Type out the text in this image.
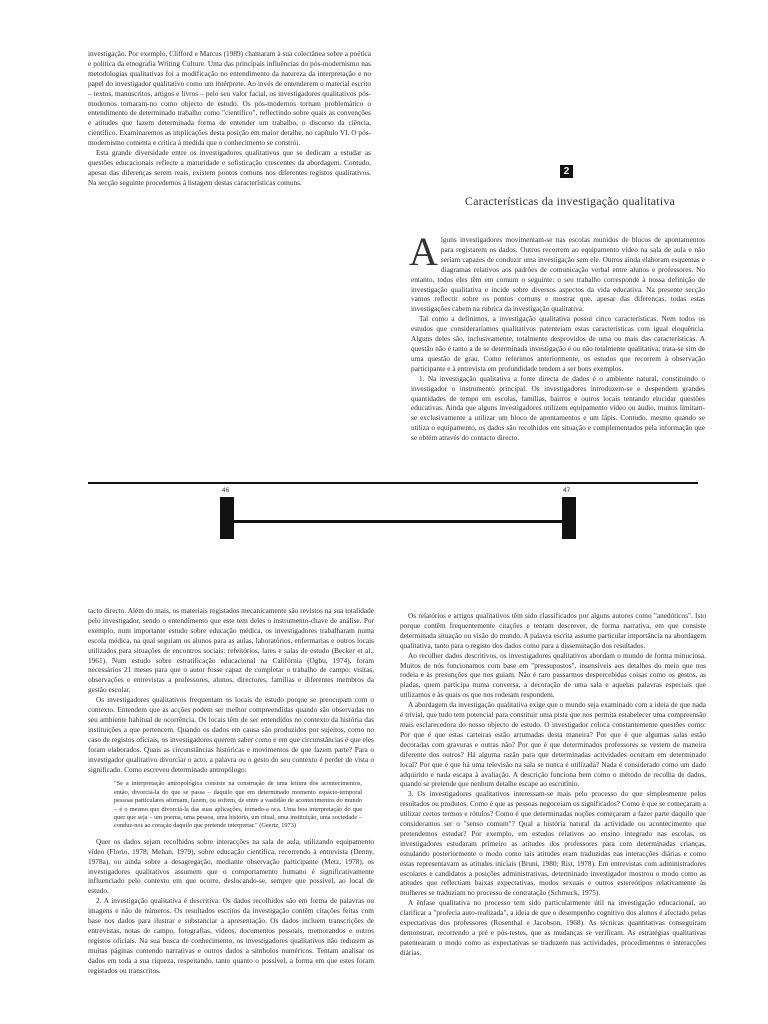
investigação. Por exemplo, Clifford e Marcus (1989) chamaram à sua colectânea sobre a poética e política da etnografia Writing Culture. Uma das principais influências do pós-modernismo nas metodologias qualitativas foi a modificação no entendimento da natureza da interpretação e no papel do investigador qualitativo como um intérprete. Ao invés de entenderem o material escrito – textos, manuscritos, artigos e livros – pelo seu valor facial, os investigadores qualitativos pós-modernos tornaram-no como objecto de estudo. Os pós-modernos tornam problemático o entendimento de determinado trabalho como "científico", reflectindo sobre quais as convenções e atitudes que fazem determinada forma de entender um trabalho, o discurso da ciência, científico. Examinaremos as implicações desta posição em maior detalhe, no capítulo VI. O pós-modernismo comenta e critica à medida que o conhecimento se constrói.

Esta grande diversidade entre os investigadores qualitativos que se dedicam a estudar as questões educacionais reflecte a maturidade e sofisticação crescentes da abordagem. Contudo, apesar das diferenças serem reais, existem pontos comuns nos diferentes registos qualitativos. Na secção seguinte procedemos à listagem destas características comuns.

2
Características da investigação qualitativa

Alguns investigadores movimentam-se nas escolas munidos de blocos de apontamentos para registarem os dados. Outros recorrem ao equipamento vídeo na sala de aula e não seriam capazes de conduzir uma investigação sem ele. Outros ainda elaboram esquemas e diagramas relativos aos padrões de comunicação verbal entre alunos e professores. No entanto, todos eles têm em comum o seguinte: o seu trabalho corresponde à nossa definição de investigação qualitativa e incide sobre diversos aspectos da vida educativa. Na presente secção vamos reflectir sobre os pontos comuns e mostrar que, apesar das diferenças, todas estas investigações cabem na rubrica da investigação qualitativa.

Tal como a definimos, a investigação qualitativa possui cinco características. Nem todos os estudos que consideraríamos qualitativos patenteiam estas características com igual eloquência. Alguns deles são, inclusivamente, totalmente desprovidos de uma ou mais das características. A questão não é tanto a de se determinada investigação é ou não totalmente qualitativa; trata-se sim de uma questão de grau. Como referimos anteriormente, os estudos que recorrem à observação participante e à entrevista em profundidade tendem a ser bons exemplos.

1. Na investigação qualitativa a fonte directa de dados é o ambiente natural, constituindo o investigador o instrumento principal. Os investigadores introduzem-se e despendem grandes quantidades de tempo em escolas, famílias, bairros e outros locais tentando elucidar questões educativas. Ainda que alguns investigadores utilizem equipamento vídeo ou áudio, muitos limitam-se exclusivamente a utilizar um bloco de apontamentos e um lápis. Contudo, mesmo quando se utiliza o equipamento, os dados são recolhidos em situação e complementados pela informação que se obtém através do contacto directo.

46	47

tacto directo. Além do mais, os materiais registados mecanicamente são revistos na sua totalidade pelo investigador, sendo o entendimento que este tem deles o instrumento-chave de análise. Por exemplo, num importante estudo sobre educação médica, os investigadores trabalharam numa escola médica, na qual seguiam os alunos para as aulas, laboratórios, enfermarias e outros locais utilizados para situações de encontros sociais: refeitórios, lares e salas de estudo (Becker et al., 1961). Num estudo sobre estratificação educacional na Califórnia (Ogbu, 1974), foram necessários 21 meses para que o autor fosse capaz de completar o trabalho de campo: visitas, observações e entrevistas a professores, alunos, directores, famílias e diferentes membros da gestão escolar.

Os investigadores qualitativos frequentam os locais de estudo porque se preocupam com o contexto. Entendem que as acções podem ser melhor compreendidas quando são observadas no seu ambiente habitual de ocorrência. Os locais têm de ser entendidos no contexto da história das instituições a que pertencem. Quando os dados em causa são produzidos por sujeitos, como no caso de registos oficiais, os investigadores querem saber como e em que circunstâncias é que eles foram elaborados. Quais as circunstâncias históricas e movimentos de que fazem parte? Para o investigador qualitativo divorciar o acto, a palavra ou o gesto do seu contexto é perder de vista o significado. Como escreveu determinado antropólogo:

"Se a interpretação antropológica consiste na construção de uma leitura dos acontecimentos, então, divorciá-la do que se passa – daquilo que em determinado momento espácio-temporal pessoas particulares afirmam, fazem, ou sofrem, de entre a vastidão de acontecimentos do mundo – é o mesmo que divorciá-la das suas aplicações, tornado-a oca. Uma boa interpretação do que quer que seja – um poema, uma pessoa, uma história, um ritual, uma instituição, uma sociedade – conduz-nos ao coração daquilo que pretende interpretar." (Geertz, 1973)

Quer os dados sejam recolhidos sobre interacções na sala de aula, utilizando equipamento vídeo (Florio, 1978; Mehan, 1979), sobre educação científica, recorrendo à entrevista (Denny, 1978a), ou ainda sobre a desagregação, mediante observação participante (Metz, 1978), os investigadores qualitativos assumem que o comportamento humano é significativamente influenciado pelo contexto em que ocorre, deslocando-se, sempre que possível, ao local de estudo.

2. A investigação qualitativa é descritiva. Os dados recolhidos são em forma de palavras ou imagens e não de números. Os resultados escritos da investigação contêm citações feitas com base nos dados para ilustrar e substanciar a apresentação. Os dados incluem transcrições de entrevistas, notas de campo, fotografias, vídeos, documentos pessoais, memorandos e outros registos oficiais. Na sua busca de conhecimento, os investigadores qualitativos não reduzem as muitas páginas contendo narrativas e outros dados a símbolos numéricos. Tentam analisar os dados em toda a sua riqueza, respeitando, tanto quanto o possível, a forma em que estes foram registados ou transcritos.

Os relatórios e artigos qualitativos têm sido classificados por alguns autores como "anedóticos". Isto porque contêm frequentemente citações e tentam descrever, de forma narrativa, em que consiste determinada situação ou visão do mundo. A palavra escrita assume particular importância na abordagem qualitativa, tanto para o registo dos dados como para a disseminação dos resultados.

Ao recolher dados descritivos, os investigadores qualitativos abordam o mundo de forma minuciosa. Muitos de nós funcionamos com base em "pressupostos", insensíveis aos detalhes do meio que nos rodeia e às presunções que nos guiam. Não é raro passarmos despercebidas coisas como os gestos, as piadas, quem participa numa conversa, a decoração de uma sala e aquelas palavras especiais que utilizamos e às quais os que nos rodeiam respondem.

A abordagem da investigação qualitativa exige que o mundo seja examinado com a ideia de que nada é trivial, que tudo tem potencial para constituir uma pista que nos permita estabelecer uma compreensão mais esclarecedora do nosso objecto de estudo. O investigador coloca constantemente questões como: Por que é que estas carteiras estão arrumadas desta maneira? Por que é que algumas salas estão decoradas com gravuras e outras não? Por que é que determinados professores se vestem de maneira diferente dos outros? Há alguma razão para que determinadas actividades ocorram em determinado local? Por que é que há uma televisão na sala se nunca é utilizada? Nada é considerado como um dado adquirido e nada escapa à avaliação. A descrição funciona bem como o método de recolha de dados, quando se pretende que nenhum detalhe escape ao escrutínio.

3. Os investigadores qualitativos interessam-se mais pelo processo do que simplesmente pelos resultados ou produtos. Como é que as pessoas negoceiam os significados? Como é que se começaram a utilizar certos termos e rótulos? Como é que determinadas noções começaram a fazer parte daquilo que consideramos ser o "senso comum"? Qual a história natural da actividade ou acontecimento que pretendemos estudar? Por exemplo, em estudos relativos ao ensino integrado nas escolas, os investigadores estudaram primeiro as atitudes dos professores para com determinadas crianças, estudando posteriormente o modo como tais atitudes eram traduzidas nas interacções diárias e como estas representavam as atitudes iniciais (Bruni, 1980; Rist, 1978). Em entrevistas com administradores escolares e candidatos a posições administrativas, determinado investigador mostrou o modo como as atitudes que reflectiam baixas expectativas, modos sexuais e outros estereótipos relativamente às mulheres se traduziam no processo de contratação (Schmuck, 1975).

A ênfase qualitativa no processo tem sido particularmente útil na investigação educacional, ao clarificar a "profecia auto-realizada", a ideia de que o desempenho cognitivo dos alunos é afectado pelas expectativas dos professores (Rosenthal e Jacobson, 1968). As técnicas quantitativas conseguiram demonstrar, recorrendo a pré e pós-testes, que as mudanças se verificam. As estratégias qualitativas patentearam o modo como as expectativas se traduzem nas actividades, procedimentos e interacções diárias.
